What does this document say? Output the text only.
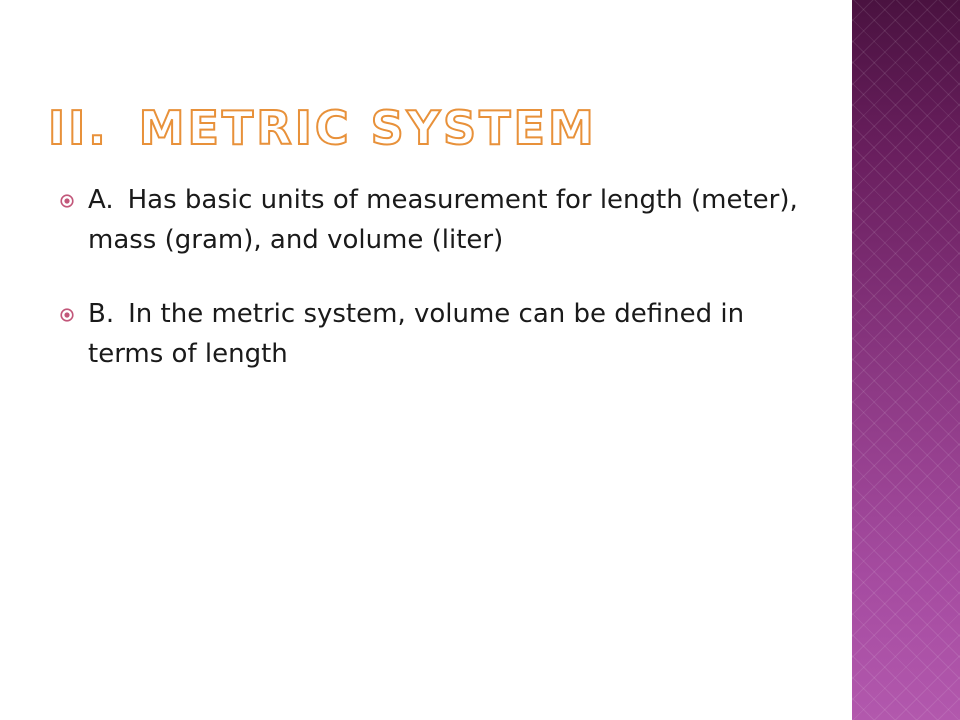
II. METRIC SYSTEM
A. Has basic units of measurement for length (meter), mass (gram), and volume (liter)
B. In the metric system, volume can be defined in terms of length
